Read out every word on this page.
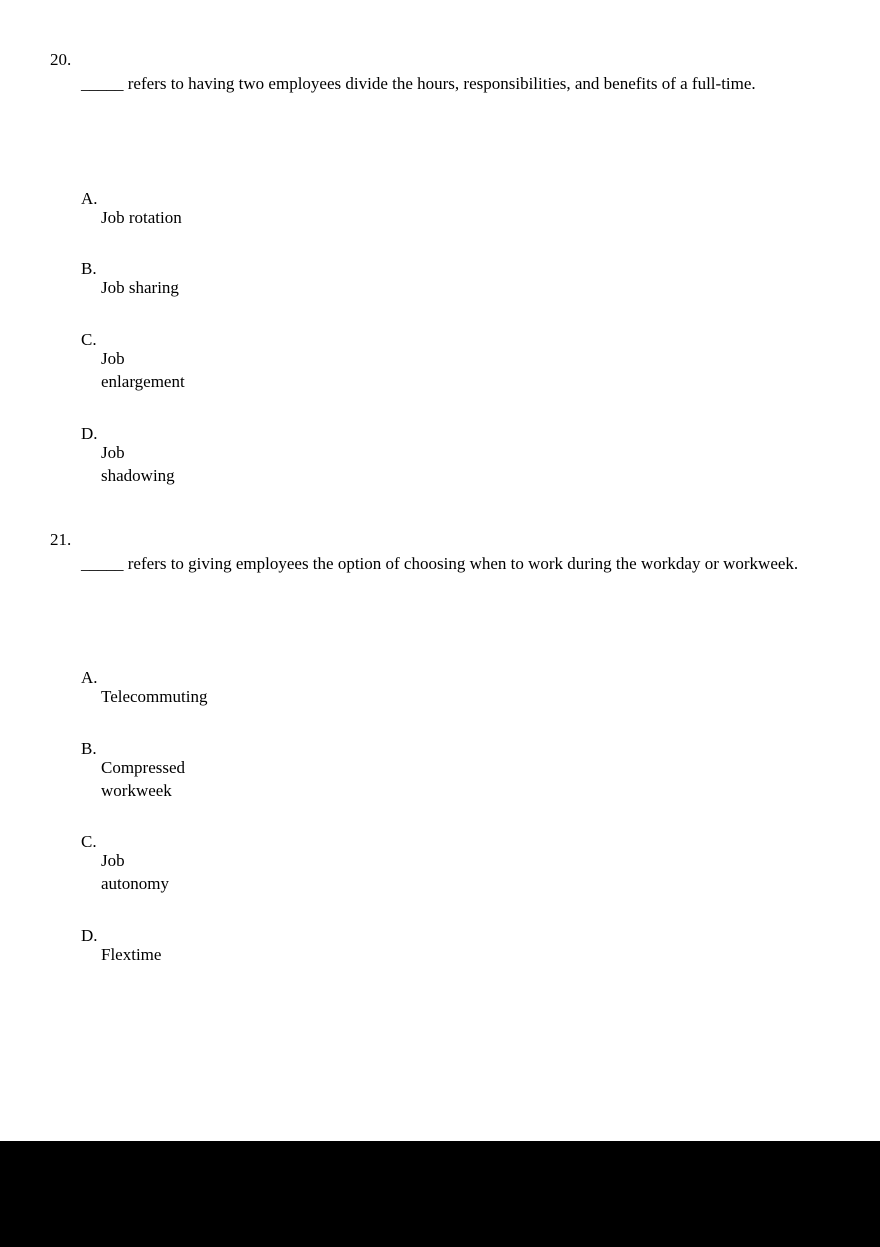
20.
_____ refers to having two employees divide the hours, responsibilities, and benefits of a full-time.
A.
Job rotation
B.
Job sharing
C.
Job enlargement
D.
Job shadowing
21.
_____ refers to giving employees the option of choosing when to work during the workday or workweek.
A.
Telecommuting
B.
Compressed workweek
C.
Job autonomy
D.
Flextime
